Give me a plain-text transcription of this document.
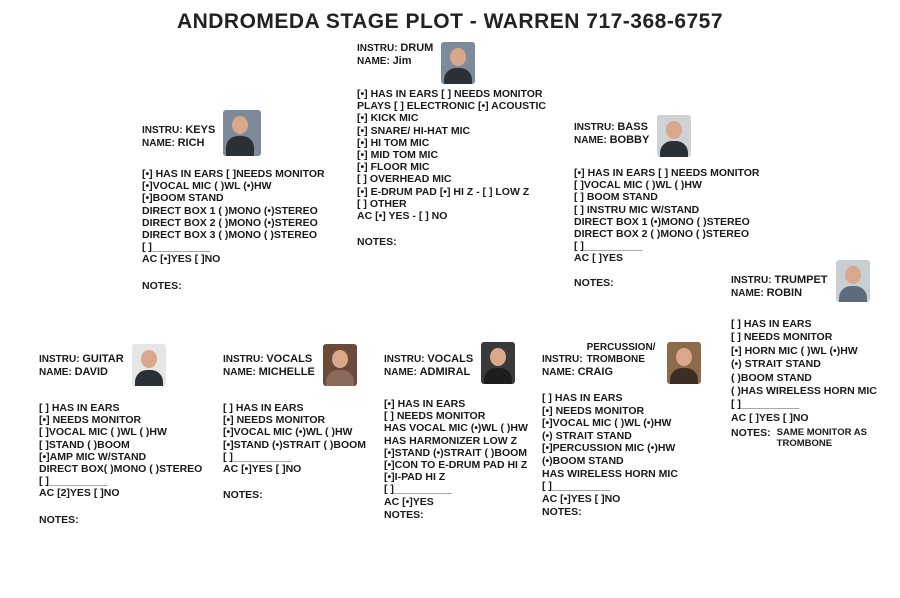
ANDROMEDA STAGE PLOT - WARREN 717-368-6757
INSTRU: DRUM
NAME: Jim
[•] HAS IN EARS [ ] NEEDS MONITOR
PLAYS [ ] ELECTRONIC [•] ACOUSTIC
[•] KICK MIC
[•] SNARE/ HI-HAT MIC
[•] HI TOM MIC
[•] MID TOM MIC
[•] FLOOR MIC
[ ] OVERHEAD MIC
[•] E-DRUM PAD [•] HI Z - [ ] LOW Z
[ ] OTHER
AC [•] YES - [ ] NO
NOTES:
INSTRU: KEYS
NAME: RICH
[•] HAS IN EARS [ ]NEEDS MONITOR
[•]VOCAL MIC ( )WL (•)HW
[•]BOOM STAND
DIRECT BOX 1 ( )MONO (•)STEREO
DIRECT BOX 2 ( )MONO (•)STEREO
DIRECT BOX 3 ( )MONO ( )STEREO
[ ]__________
AC [•]YES [ ]NO
NOTES:
INSTRU: BASS
NAME: BOBBY
[•] HAS IN EARS [ ] NEEDS MONITOR
[ ]VOCAL MIC ( )WL ( )HW
[ ] BOOM STAND
[ ] INSTRU MIC W/STAND
DIRECT BOX 1 (•)MONO ( )STEREO
DIRECT BOX 2 ( )MONO ( )STEREO
[ ]__________
AC [ ]YES
NOTES:	INSTRU: TRUMPET
NAME: ROBIN
[ ] HAS IN EARS
[ ] NEEDS MONITOR
[•] HORN MIC ( )WL (•)HW
(•) STRAIT STAND
( )BOOM STAND
( )HAS WIRELESS HORN MIC
[ ]__________
AC [ ]YES [ ]NO
NOTES: SAME MONITOR AS TROMBONE
INSTRU: GUITAR
NAME: DAVID
[ ] HAS IN EARS
[•] NEEDS MONITOR
[ ]VOCAL MIC ( )WL ( )HW
[ ]STAND ( )BOOM
[•]AMP MIC W/STAND
DIRECT BOX( )MONO ( )STEREO
[ ]__________
AC [2]YES [ ]NO
NOTES:
INSTRU: VOCALS
NAME: MICHELLE
[ ] HAS IN EARS
[•] NEEDS MONITOR
[•]VOCAL MIC (•)WL ( )HW
[•]STAND (•)STRAIT ( )BOOM
[ ]__________
AC [•]YES [ ]NO
NOTES:
INSTRU: VOCALS
NAME: ADMIRAL
[•] HAS IN EARS
[ ] NEEDS MONITOR
HAS VOCAL MIC (•)WL ( )HW
HAS HARMONIZER LOW Z
[•]STAND (•)STRAIT ( )BOOM
[•]CON TO E-DRUM PAD HI Z
[•]I-PAD HI Z
[ ]__________
AC [•]YES
NOTES:
INSTRU:
PERCUSSION/ TROMBONE
NAME: CRAIG
[ ] HAS IN EARS
[•] NEEDS MONITOR
[•]VOCAL MIC ( )WL (•)HW
(•) STRAIT STAND
[•]PERCUSSION MIC (•)HW
(•)BOOM STAND
HAS WIRELESS HORN MIC
[ ]__________
AC [•]YES [ ]NO
NOTES:
